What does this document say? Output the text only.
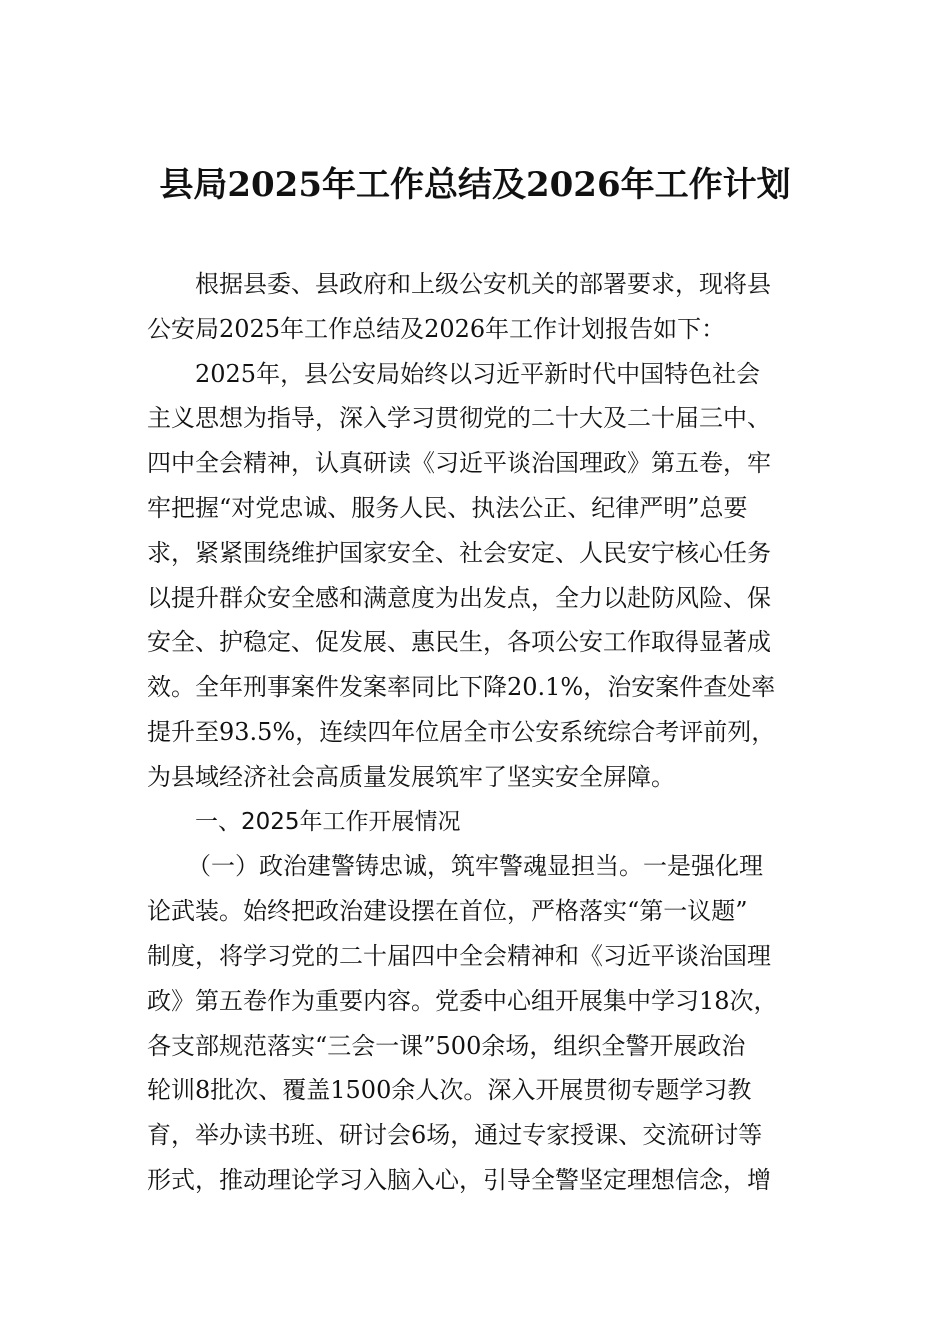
县局2025年工作总结及2026年工作计划
根据县委、县政府和上级公安机关的部署要求，现将县
公安局2025年工作总结及2026年工作计划报告如下：
2025年，县公安局始终以习近平新时代中国特色社会
主义思想为指导，深入学习贯彻党的二十大及二十届三中、
四中全会精神，认真研读《习近平谈治国理政》第五卷，牢
牢把握“对党忠诚、服务人民、执法公正、纪律严明”总要
求，紧紧围绕维护国家安全、社会安定、人民安宁核心任务
以提升群众安全感和满意度为出发点，全力以赴防风险、保
安全、护稳定、促发展、惠民生，各项公安工作取得显著成
效。全年刑事案件发案率同比下降20.1%，治安案件查处率
提升至93.5%，连续四年位居全市公安系统综合考评前列，
为县域经济社会高质量发展筑牢了坚实安全屏障。
一、2025年工作开展情况
（一）政治建警铸忠诚，筑牢警魂显担当。一是强化理
论武装。始终把政治建设摆在首位，严格落实“第一议题”
制度，将学习党的二十届四中全会精神和《习近平谈治国理
政》第五卷作为重要内容。党委中心组开展集中学习18次，
各支部规范落实“三会一课”500余场，组织全警开展政治
轮训8批次、覆盖1500余人次。深入开展贯彻专题学习教
育，举办读书班、研讨会6场，通过专家授课、交流研讨等
形式，推动理论学习入脑入心，引导全警坚定理想信念，增
